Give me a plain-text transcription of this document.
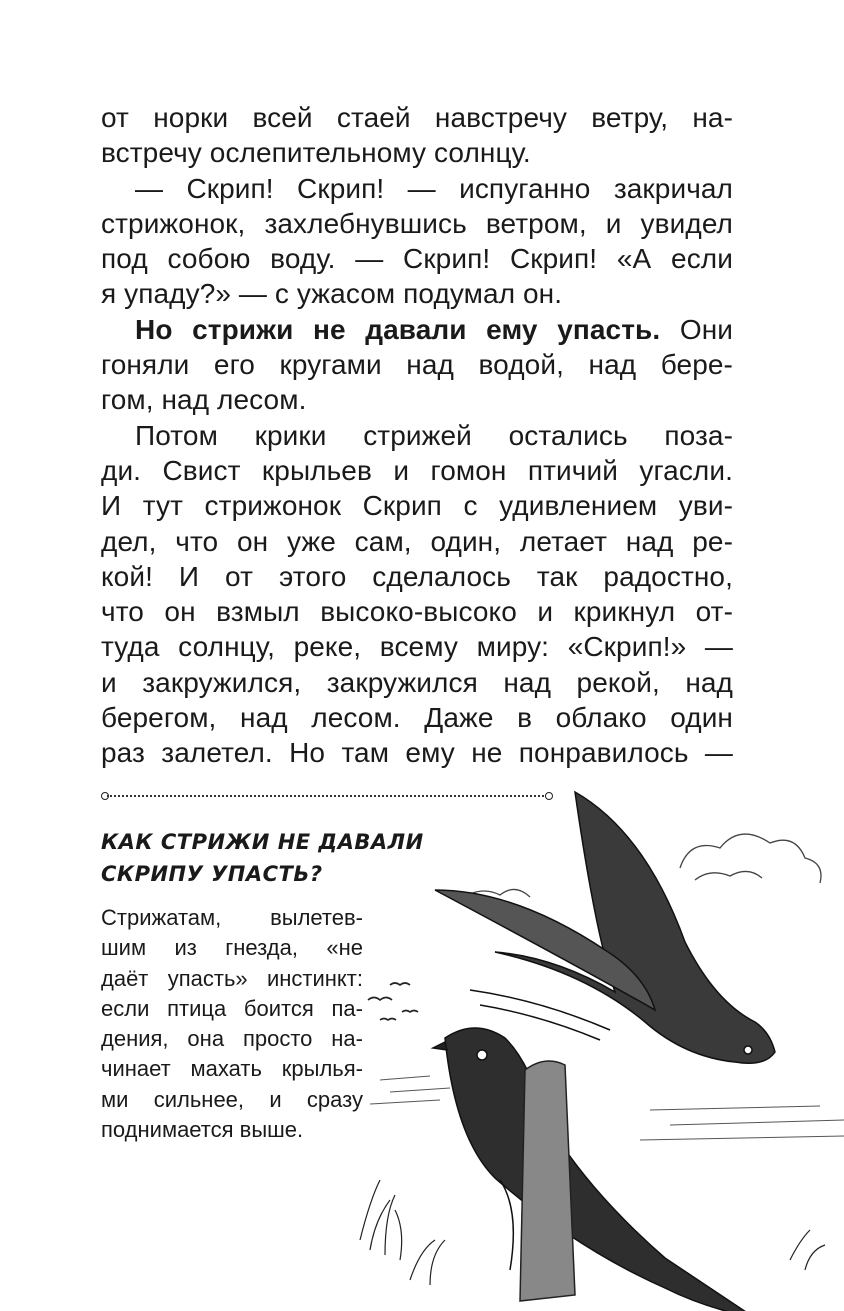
от норки всей стаей навстречу ветру, на-
встречу ослепительному солнцу.
— Скрип! Скрип! — испуганно закричал
стрижонок, захлебнувшись ветром, и увидел
под собою воду. — Скрип! Скрип! «А если
я упаду?» — с ужасом подумал он.
Но стрижи не давали ему упасть. Они
гоняли его кругами над водой, над бере-
гом, над лесом.
Потом крики стрижей остались поза-
ди. Свист крыльев и гомон птичий угасли.
И тут стрижонок Скрип с удивлением уви-
дел, что он уже сам, один, летает над ре-
кой! И от этого сделалось так радостно,
что он взмыл высоко-высоко и крикнул от-
туда солнцу, реке, всему миру: «Скрип!» —
и закружился, закружился над рекой, над
берегом, над лесом. Даже в облако один
раз залетел. Но там ему не понравилось —
КАК СТРИЖИ НЕ ДАВАЛИ
СКРИПУ УПАСТЬ?
Стрижатам, вылетев-
шим из гнезда, «не
даёт упасть» инстинкт:
если птица боится па-
дения, она просто на-
чинает махать крылья-
ми сильнее, и сразу
поднимается выше.
